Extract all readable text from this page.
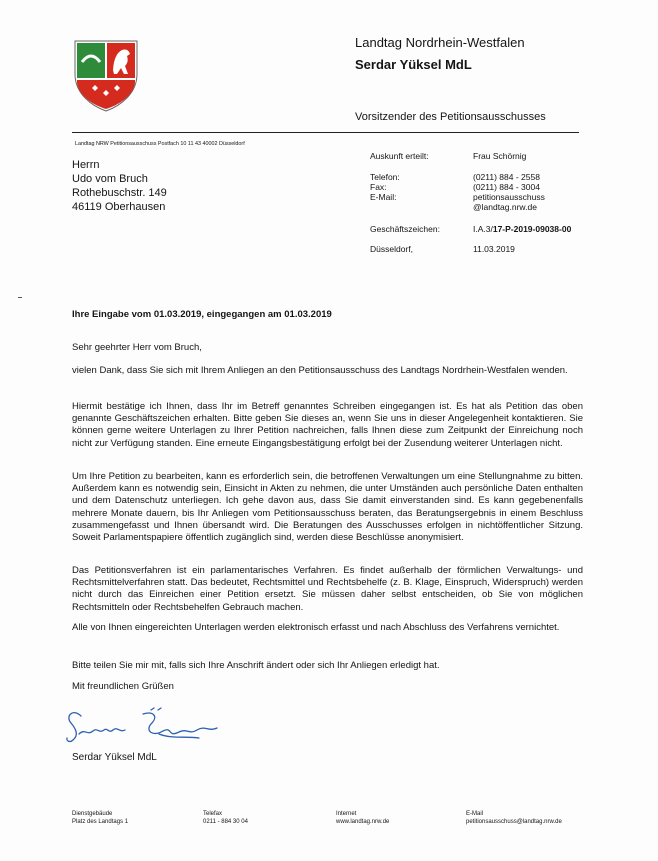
Landtag Nordrhein-Westfalen
Serdar Yüksel MdL
Vorsitzender des Petitionsausschusses
Landtag NRW Petitionsausschuss Postfach 10 11 43 40002 Düsseldorf
Herrn
Udo vom Bruch
Rothebuschstr. 149
46119 Oberhausen
Auskunft erteilt:	Frau Schörnig
Telefon:	(0211) 884 - 2558
Fax:	(0211) 884 - 3004
E-Mail:	petitionsausschuss
@landtag.nrw.de
Geschäftszeichen:	I.A.3/17-P-2019-09038-00
Düsseldorf,	11.03.2019
Ihre Eingabe vom 01.03.2019, eingegangen am 01.03.2019
Sehr geehrter Herr vom Bruch,
vielen Dank, dass Sie sich mit Ihrem Anliegen an den Petitionsausschuss des Landtags Nordrhein-Westfalen wenden.
Hiermit bestätige ich Ihnen, dass Ihr im Betreff genanntes Schreiben eingegangen ist. Es hat als Petition das oben genannte Geschäftszeichen erhalten. Bitte geben Sie dieses an, wenn Sie uns in dieser Angelegenheit kontaktieren. Sie können gerne weitere Unterlagen zu Ihrer Petition nachreichen, falls Ihnen diese zum Zeitpunkt der Einreichung noch nicht zur Verfügung standen. Eine erneute Eingangsbestätigung erfolgt bei der Zusendung weiterer Unterlagen nicht.
Um Ihre Petition zu bearbeiten, kann es erforderlich sein, die betroffenen Verwaltungen um eine Stellungnahme zu bitten. Außerdem kann es notwendig sein, Einsicht in Akten zu nehmen, die unter Umständen auch persönliche Daten enthalten und dem Datenschutz unterliegen. Ich gehe davon aus, dass Sie damit einverstanden sind. Es kann gegebenenfalls mehrere Monate dauern, bis Ihr Anliegen vom Petitionsausschuss beraten, das Beratungsergebnis in einem Beschluss zusammengefasst und Ihnen übersandt wird. Die Beratungen des Ausschusses erfolgen in nichtöffentlicher Sitzung. Soweit Parlamentspapiere öffentlich zugänglich sind, werden diese Beschlüsse anonymisiert.
Das Petitionsverfahren ist ein parlamentarisches Verfahren. Es findet außerhalb der förmlichen Verwaltungs- und Rechtsmittelverfahren statt. Das bedeutet, Rechtsmittel und Rechtsbehelfe (z. B. Klage, Einspruch, Widerspruch) werden nicht durch das Einreichen einer Petition ersetzt. Sie müssen daher selbst entscheiden, ob Sie von möglichen Rechtsmitteln oder Rechtsbehelfen Gebrauch machen.
Alle von Ihnen eingereichten Unterlagen werden elektronisch erfasst und nach Abschluss des Verfahrens vernichtet.
Bitte teilen Sie mir mit, falls sich Ihre Anschrift ändert oder sich Ihr Anliegen erledigt hat.
Mit freundlichen Grüßen
Serdar Yüksel MdL
Dienstgebäude
Platz des Landtags 1
Telefax
0211 - 884 30 04
Internet
www.landtag.nrw.de
E-Mail
petitionsausschuss@landtag.nrw.de
